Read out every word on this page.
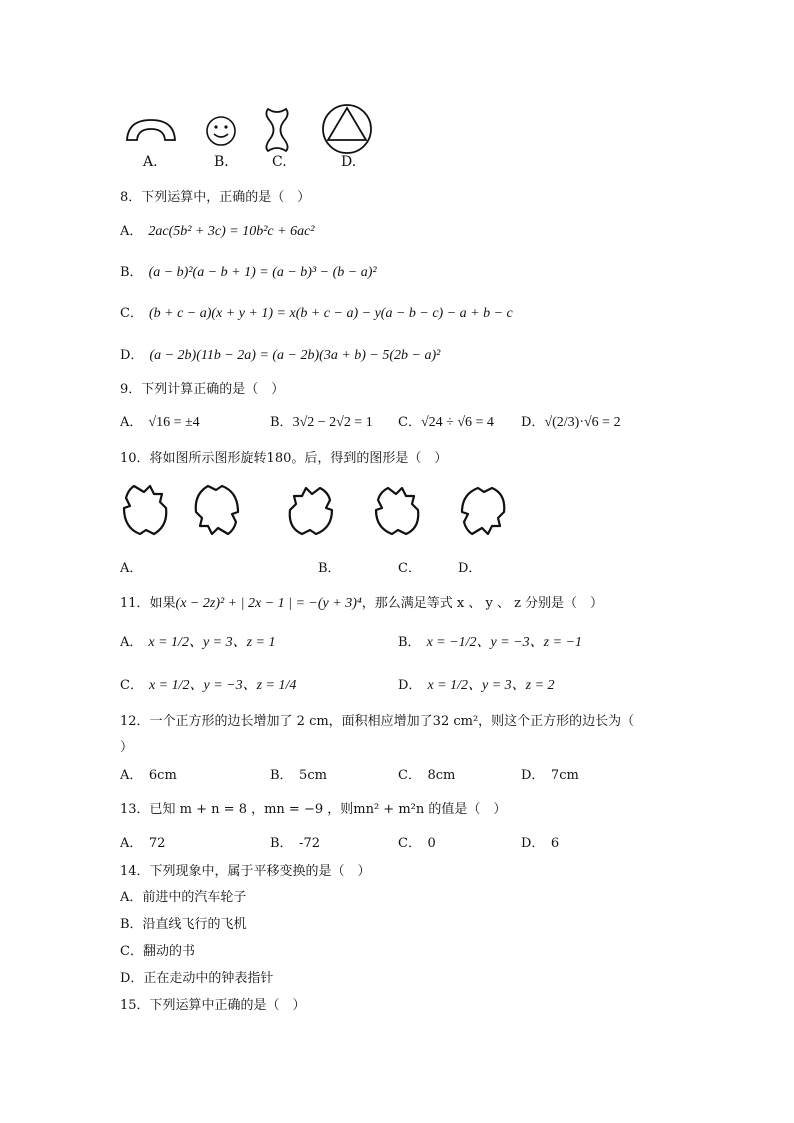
A.	B.	C.	D.
8．下列运算中，正确的是（　）
A． 2ac(5b² + 3c) = 10b²c + 6ac²
B． (a − b)²(a − b + 1) = (a − b)³ − (b − a)²
C． (b + c − a)(x + y + 1) = x(b + c − a) − y(a − b − c) − a + b − c
D． (a − 2b)(11b − 2a) = (a − 2b)(3a + b) − 5(2b − a)²
9．下列计算正确的是（　）
A． √16 = ±4	B．3√2 − 2√2 = 1 C．√24 ÷ √6 = 4 D．√(2/3)·√6 = 2
10．将如图所示图形旋转180。后，得到的图形是（　）
A．	B．	C．	D．
11．如果(x − 2z)² + | 2x − 1 | = −(y + 3)⁴，那么满足等式 x 、 y 、 z 分别是（　）
A． x = 1/2、y = 3、z = 1	B． x = −1/2、y = −3、z = −1
C． x = 1/2、y = −3、z = 1/4	D． x = 1/2、y = 3、z = 2
12．一个正方形的边长增加了 2 cm，面积相应增加了32 cm²，则这个正方形的边长为（
）
A．　6cm	B．　5cm	C．　8cm	D．　7cm
13．已知 m + n = 8 ，mn = −9 ，则mn² + m²n 的值是（　）
A．　72	B．　-72	C．　0	D．　6
14．下列现象中，属于平移变换的是（　）
A．前进中的汽车轮子
B．沿直线飞行的飞机
C．翻动的书
D．正在走动中的钟表指针
15．下列运算中正确的是（　）
